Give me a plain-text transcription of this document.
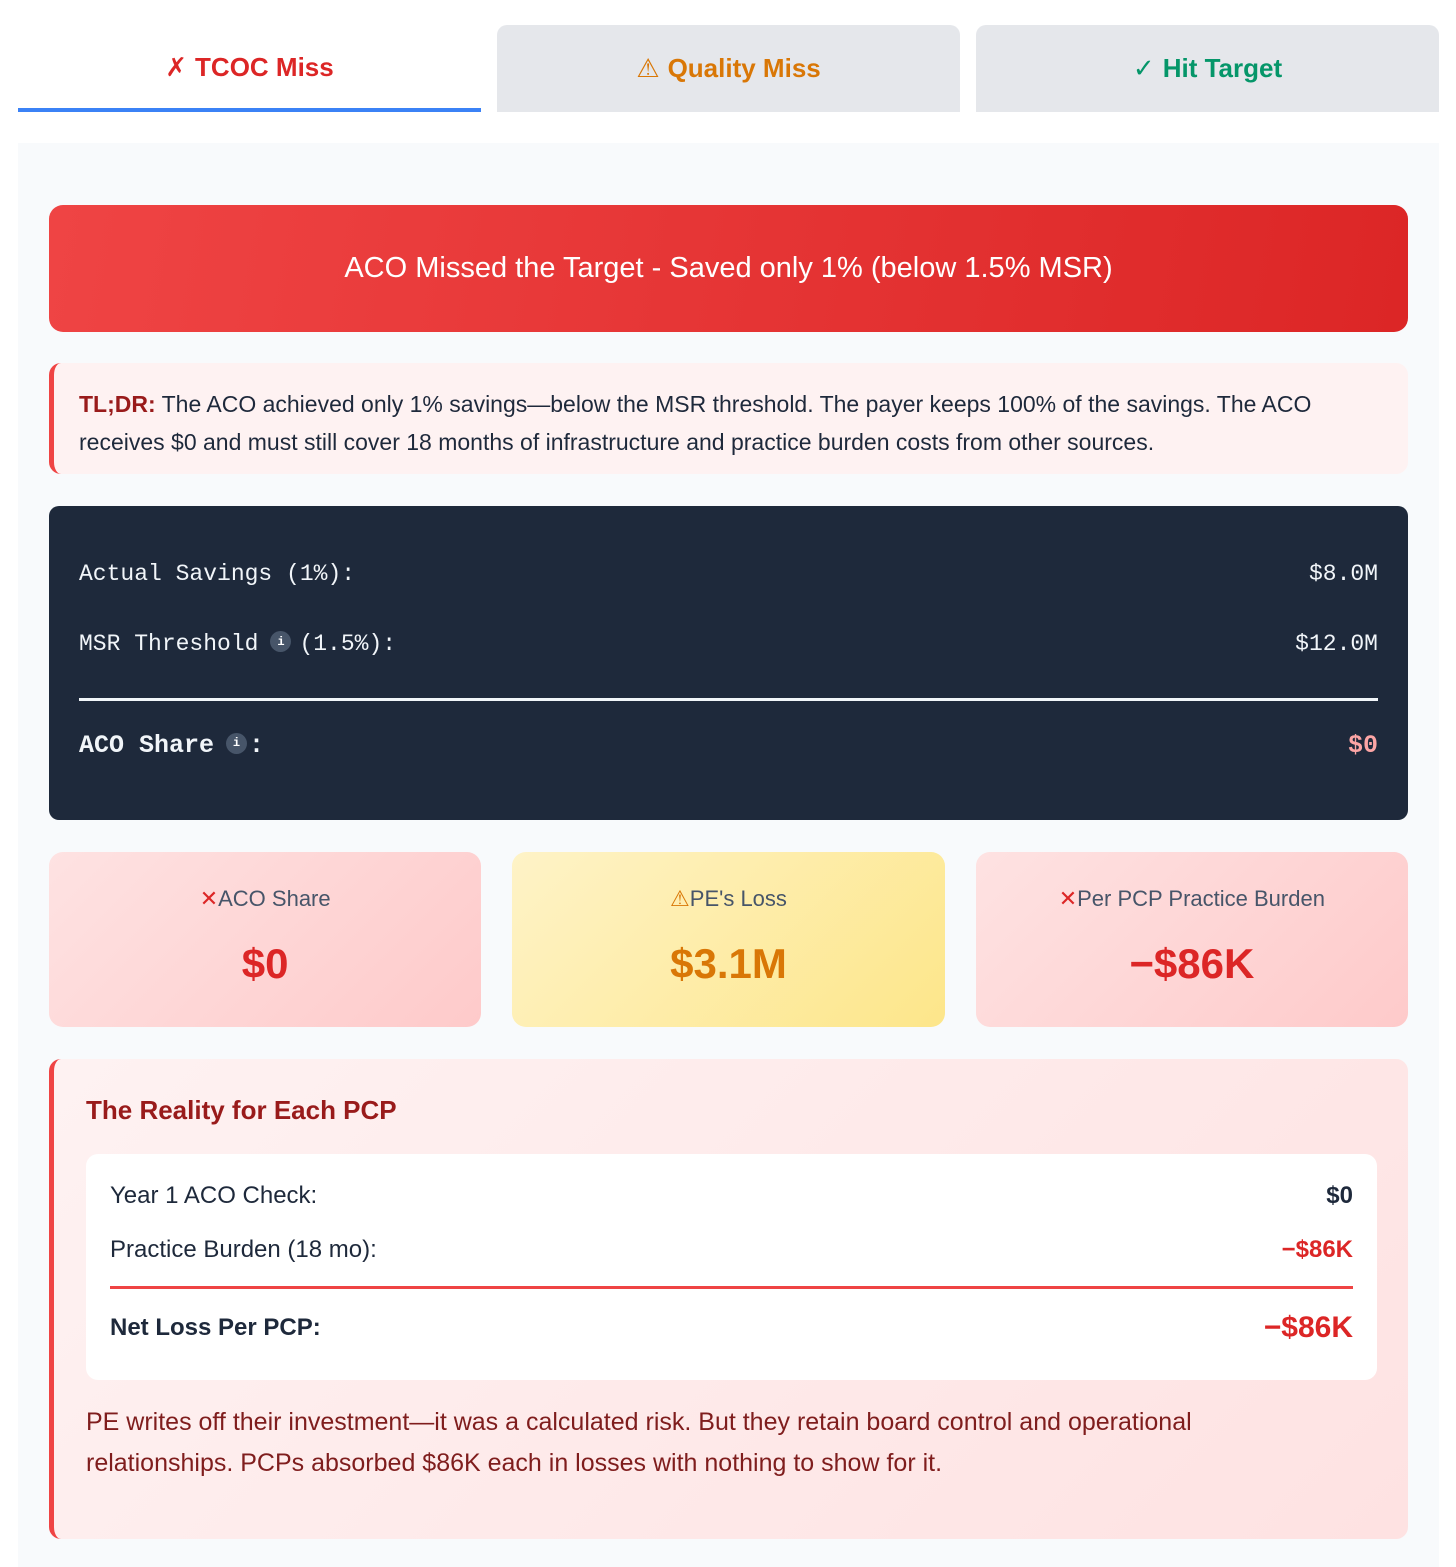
✗ TCOC Miss	⚠ Quality Miss	✓ Hit Target
ACO Missed the Target - Saved only 1% (below 1.5% MSR)
TL;DR: The ACO achieved only 1% savings—below the MSR threshold. The payer keeps 100% of the savings. The ACO receives $0 and must still cover 18 months of infrastructure and practice burden costs from other sources.
Actual Savings (1%):	$8.0M
MSR Threshold i (1.5%):	$12.0M
ACO Share i :	$0
✕ACO Share
$0
⚠PE's Loss
$3.1M
✕Per PCP Practice Burden
−$86K
The Reality for Each PCP
Year 1 ACO Check:	$0
Practice Burden (18 mo):	−$86K
Net Loss Per PCP:	−$86K

PE writes off their investment—it was a calculated risk. But they retain board control and operational relationships. PCPs absorbed $86K each in losses with nothing to show for it.
